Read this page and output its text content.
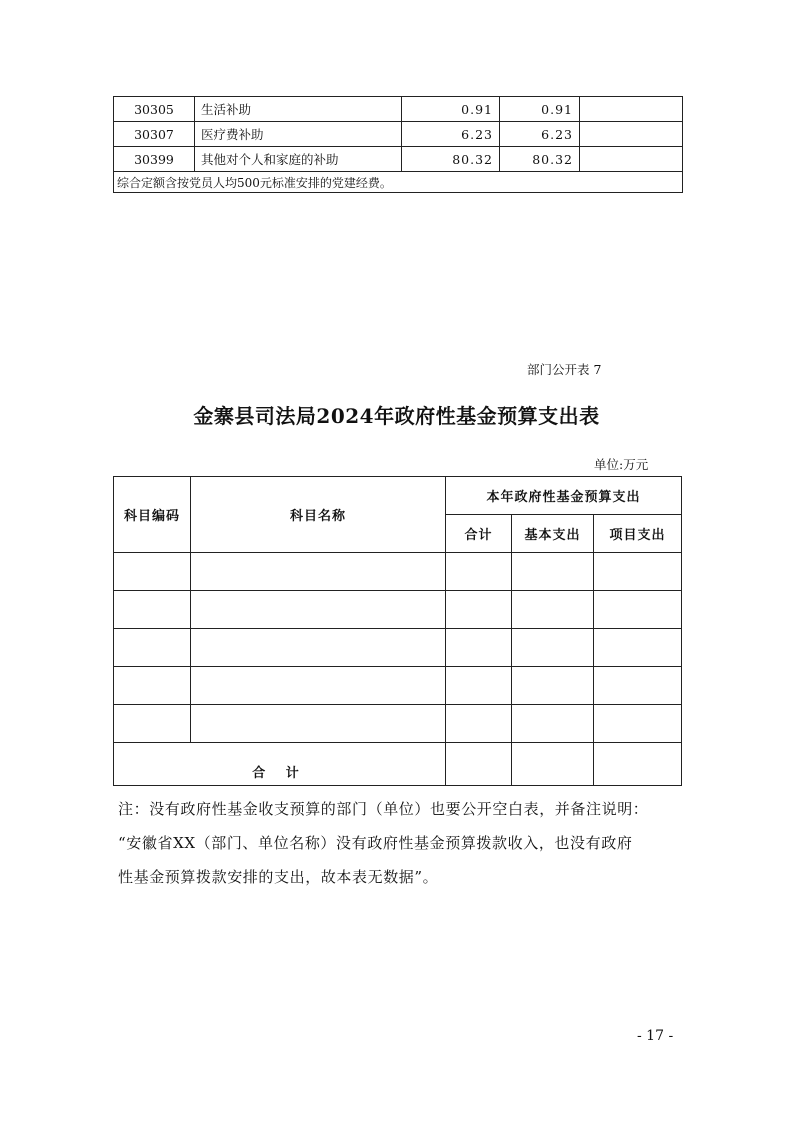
30305	生活补助	0.91	0.91	
30307	医疗费补助	6.23	6.23	
30399	其他对个人和家庭的补助	80.32	80.32	
综合定额含按党员人均500元标准安排的党建经费。				
部门公开表 7
金寨县司法局2024年政府性基金预算支出表
单位:万元
科目编码	科目名称	本年政府性基金预算支出		
		合计	基本支出	项目支出

合 计				

注：没有政府性基金收支预算的部门（单位）也要公开空白表，并备注说明：

“安徽省XX（部门、单位名称）没有政府性基金预算拨款收入，也没有政府

性基金预算拨款安排的支出，故本表无数据”。

- 17 -
